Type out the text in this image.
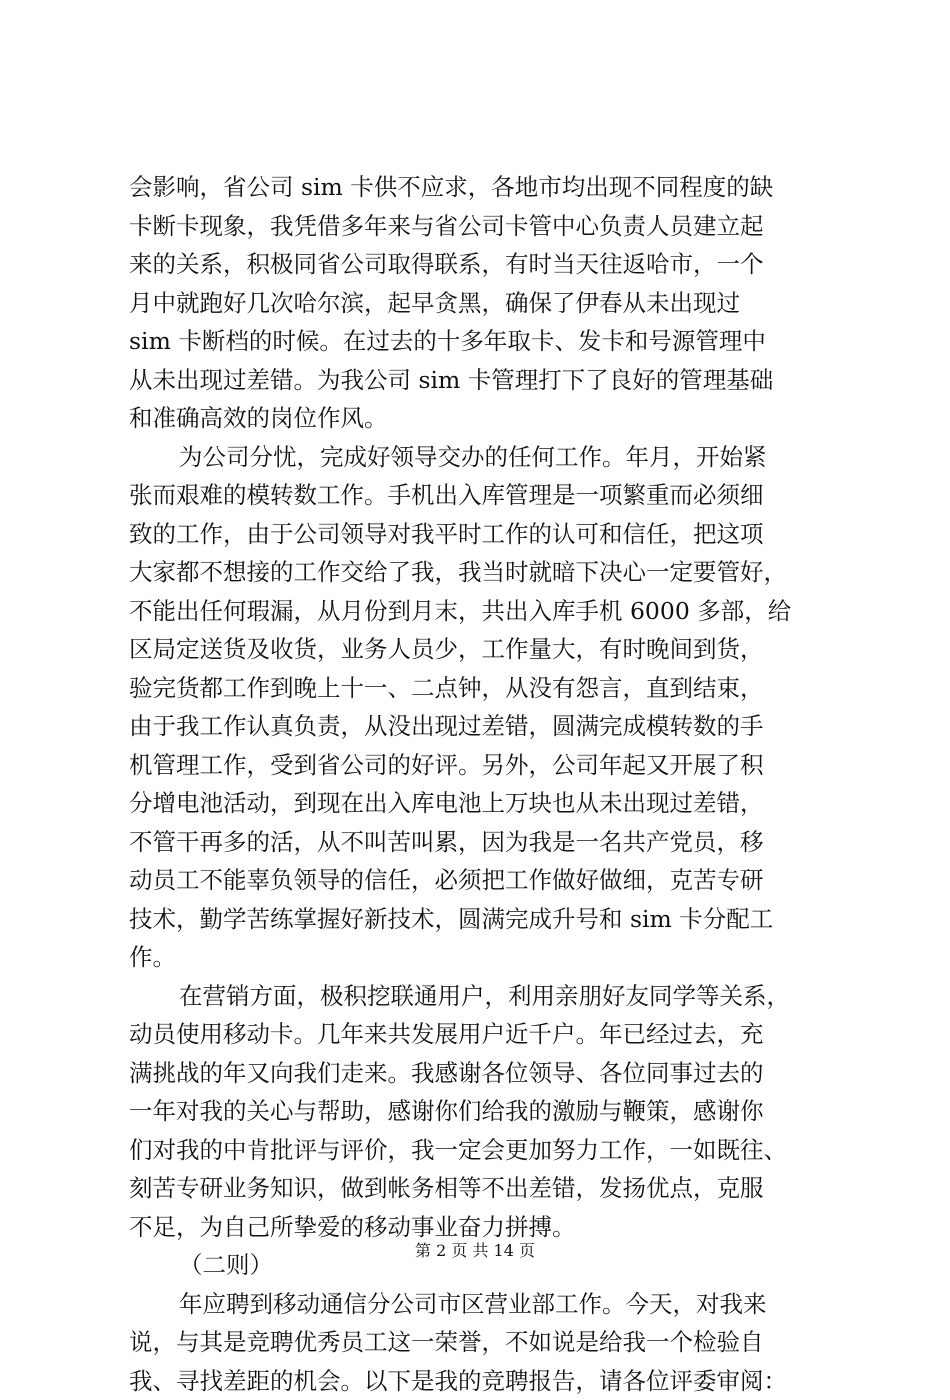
会影响，省公司 sim 卡供不应求，各地市均出现不同程度的缺
卡断卡现象，我凭借多年来与省公司卡管中心负责人员建立起
来的关系，积极同省公司取得联系，有时当天往返哈市，一个
月中就跑好几次哈尔滨，起早贪黑，确保了伊春从未出现过
sim 卡断档的时候。在过去的十多年取卡、发卡和号源管理中
从未出现过差错。为我公司 sim 卡管理打下了良好的管理基础
和准确高效的岗位作风。
为公司分忧，完成好领导交办的任何工作。年月，开始紧
张而艰难的模转数工作。手机出入库管理是一项繁重而必须细
致的工作，由于公司领导对我平时工作的认可和信任，把这项
大家都不想接的工作交给了我，我当时就暗下决心一定要管好，
不能出任何瑕漏，从月份到月末，共出入库手机 6000 多部，给
区局定送货及收货，业务人员少，工作量大，有时晚间到货，
验完货都工作到晚上十一、二点钟，从没有怨言，直到结束，
由于我工作认真负责，从没出现过差错，圆满完成模转数的手
机管理工作，受到省公司的好评。另外，公司年起又开展了积
分增电池活动，到现在出入库电池上万块也从未出现过差错，
不管干再多的活，从不叫苦叫累，因为我是一名共产党员，移
动员工不能辜负领导的信任，必须把工作做好做细，克苦专研
技术，勤学苦练掌握好新技术，圆满完成升号和 sim 卡分配工
作。
在营销方面，极积挖联通用户，利用亲朋好友同学等关系，
动员使用移动卡。几年来共发展用户近千户。年已经过去，充
满挑战的年又向我们走来。我感谢各位领导、各位同事过去的
一年对我的关心与帮助，感谢你们给我的激励与鞭策，感谢你
们对我的中肯批评与评价，我一定会更加努力工作，一如既往、
刻苦专研业务知识，做到帐务相等不出差错，发扬优点，克服
不足，为自己所挚爱的移动事业奋力拼搏。
（二则）
年应聘到移动通信分公司市区营业部工作。今天，对我来
说，与其是竞聘优秀员工这一荣誉，不如说是给我一个检验自
我、寻找差距的机会。以下是我的竞聘报告，请各位评委审阅：
第 2 页 共 14 页
